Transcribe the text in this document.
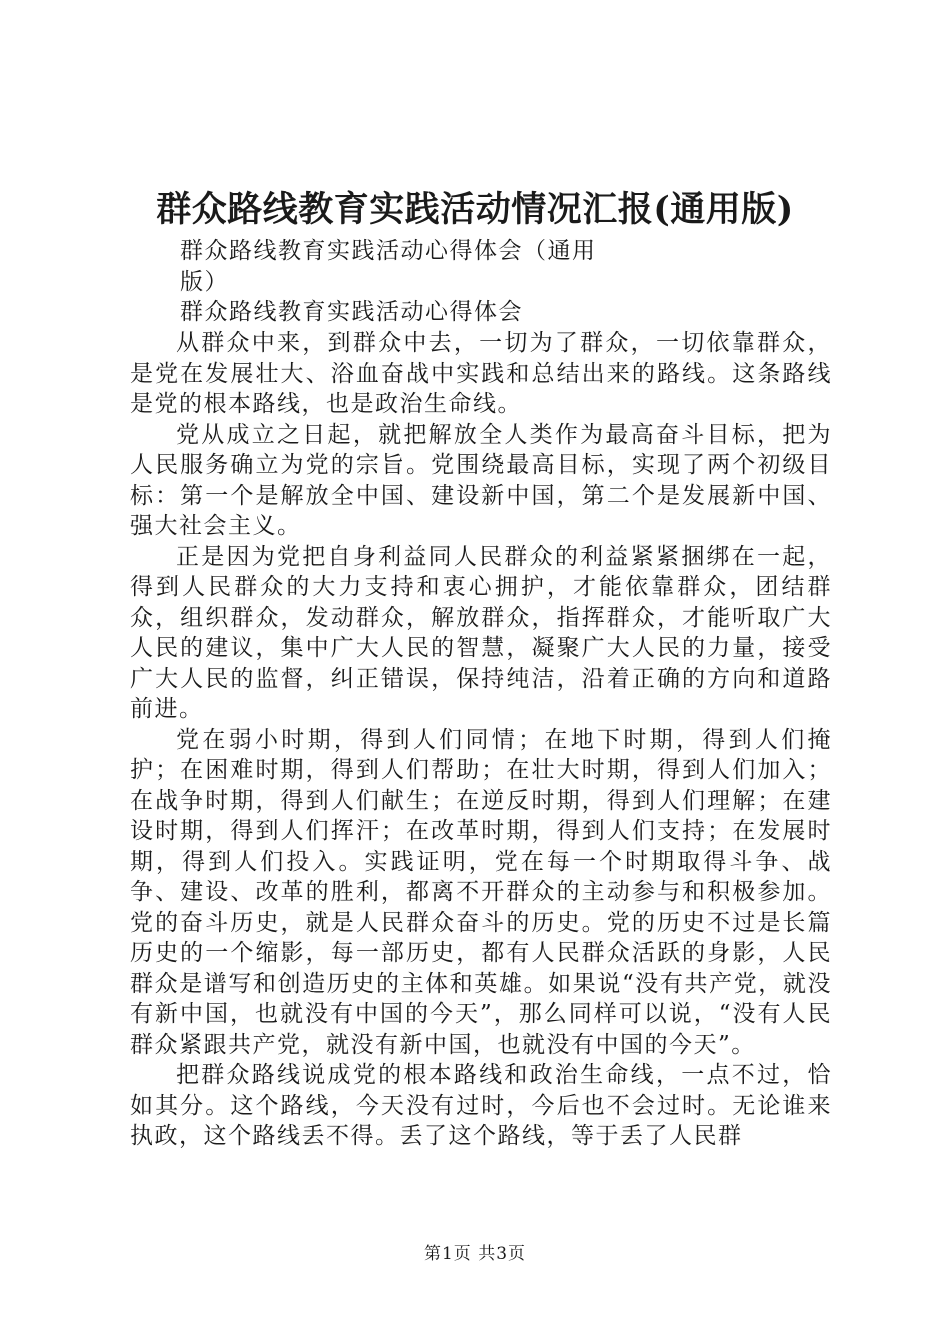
群众路线教育实践活动情况汇报(通用版)
群众路线教育实践活动心得体会（通用版）
群众路线教育实践活动心得体会

从群众中来，到群众中去，一切为了群众，一切依靠群众，是党在发展壮大、浴血奋战中实践和总结出来的路线。这条路线是党的根本路线，也是政治生命线。

党从成立之日起，就把解放全人类作为最高奋斗目标，把为人民服务确立为党的宗旨。党围绕最高目标，实现了两个初级目标：第一个是解放全中国、建设新中国，第二个是发展新中国、强大社会主义。

正是因为党把自身利益同人民群众的利益紧紧捆绑在一起，得到人民群众的大力支持和衷心拥护，才能依靠群众，团结群众，组织群众，发动群众，解放群众，指挥群众，才能听取广大人民的建议，集中广大人民的智慧，凝聚广大人民的力量，接受广大人民的监督，纠正错误，保持纯洁，沿着正确的方向和道路前进。

党在弱小时期，得到人们同情；在地下时期，得到人们掩护；在困难时期，得到人们帮助；在壮大时期，得到人们加入；在战争时期，得到人们献生；在逆反时期，得到人们理解；在建设时期，得到人们挥汗；在改革时期，得到人们支持；在发展时期，得到人们投入。实践证明，党在每一个时期取得斗争、战争、建设、改革的胜利，都离不开群众的主动参与和积极参加。党的奋斗历史，就是人民群众奋斗的历史。党的历史不过是长篇历史的一个缩影，每一部历史，都有人民群众活跃的身影，人民群众是谱写和创造历史的主体和英雄。如果说“没有共产党，就没有新中国，也就没有中国的今天”，那么同样可以说，“没有人民群众紧跟共产党，就没有新中国，也就没有中国的今天”。

把群众路线说成党的根本路线和政治生命线，一点不过，恰如其分。这个路线，今天没有过时，今后也不会过时。无论谁来执政，这个路线丢不得。丢了这个路线，等于丢了人民群

第1页 共3页
